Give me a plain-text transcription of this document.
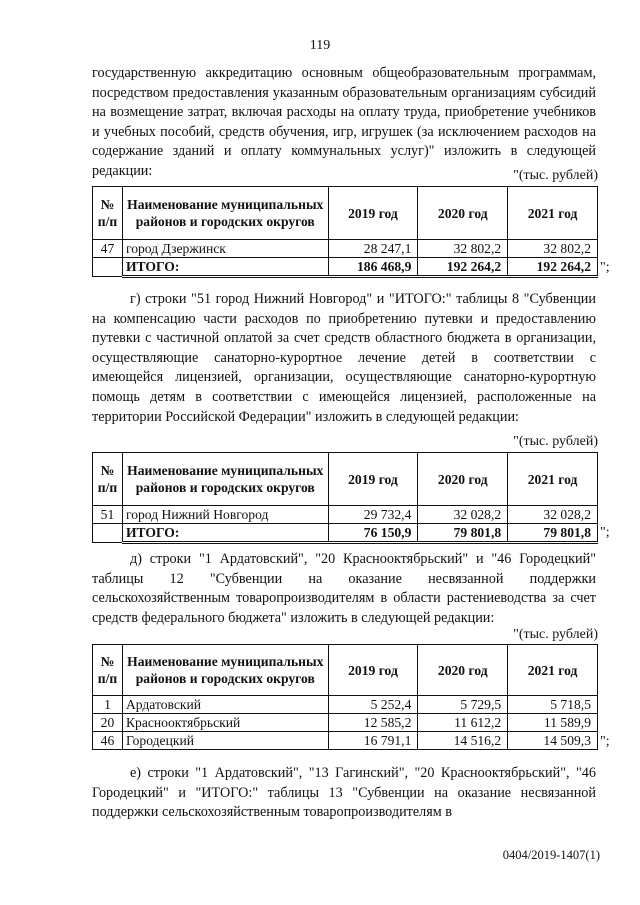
119

государственную аккредитацию основным общеобразовательным программам, посредством предоставления указанным образовательным организациям субсидий на возмещение затрат, включая расходы на оплату труда, приобретение учебников и учебных пособий, средств обучения, игр, игрушек (за исключением расходов на содержание зданий и оплату коммунальных услуг)" изложить в следующей редакции:	"(тыс. рублей)
№ п/п	Наименование муниципальных районов и городских округов	2019 год	2020 год	2021 год
47	город Дзержинск	28 247,1	32 802,2	32 802,2
	ИТОГО:	186 468,9	192 264,2	192 264,2 ";

г) строки "51 город Нижний Новгород" и "ИТОГО:" таблицы 8 "Субвенции на компенсацию части расходов по приобретению путевки и предоставлению путевки с частичной оплатой за счет средств областного бюджета в организации, осуществляющие санаторно-курортное лечение детей в соответствии с имеющейся лицензией, организации, осуществляющие санаторно-курортную помощь детям в соответствии с имеющейся лицензией, расположенные на территории Российской Федерации" изложить в следующей редакции:

"(тыс. рублей)
№ п/п	Наименование муниципальных районов и городских округов	2019 год	2020 год	2021 год
51	город Нижний Новгород	29 732,4	32 028,2	32 028,2
	ИТОГО:	76 150,9	79 801,8	79 801,8 ";

д) строки "1 Ардатовский", "20 Краснооктябрьский" и "46 Городецкий" таблицы 12 "Субвенции на оказание несвязанной поддержки сельскохозяйственным товаропроизводителям в области растениеводства за счет средств федерального бюджета" изложить в следующей редакции:

"(тыс. рублей)
№ п/п	Наименование муниципальных районов и городских округов	2019 год	2020 год	2021 год
1	Ардатовский	5 252,4	5 729,5	5 718,5
20	Краснооктябрьский	12 585,2	11 612,2	11 589,9
46	Городецкий	16 791,1	14 516,2	14 509,3 ";

е) строки "1 Ардатовский", "13 Гагинский", "20 Краснооктябрьский", "46 Городецкий" и "ИТОГО:" таблицы 13 "Субвенции на оказание несвязанной поддержки сельскохозяйственным товаропроизводителям в

0404/2019-1407(1)
